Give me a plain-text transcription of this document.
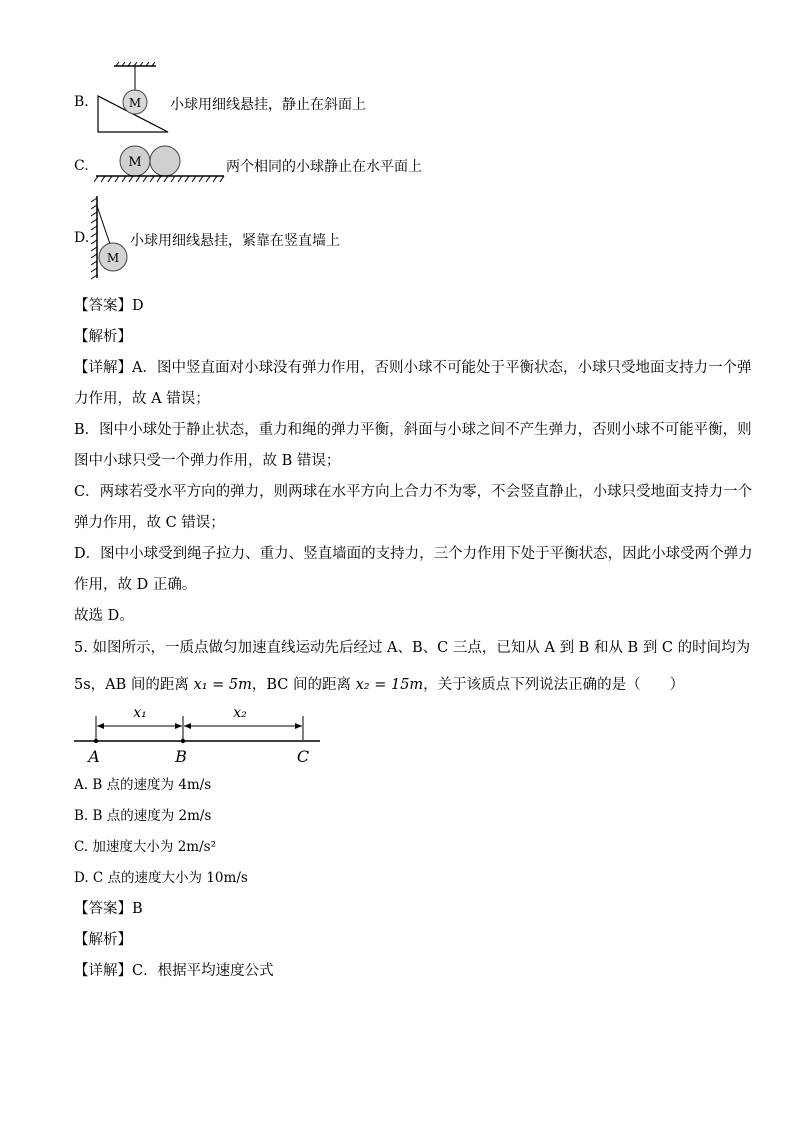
B.	M 小球用细线悬挂，静止在斜面上
C.	M	两个相同的小球静止在水平面上
D.
M
小球用细线悬挂，紧靠在竖直墙上
【答案】D
【解析】
【详解】A．图中竖直面对小球没有弹力作用，否则小球不可能处于平衡状态，小球只受地面支持力一个弹
力作用，故 A 错误；
B．图中小球处于静止状态，重力和绳的弹力平衡，斜面与小球之间不产生弹力，否则小球不可能平衡，则
图中小球只受一个弹力作用，故 B 错误；
C．两球若受水平方向的弹力，则两球在水平方向上合力不为零，不会竖直静止，小球只受地面支持力一个
弹力作用，故 C 错误；
D．图中小球受到绳子拉力、重力、竖直墙面的支持力，三个力作用下处于平衡状态，因此小球受两个弹力
作用，故 D 正确。
故选 D。
5. 如图所示，一质点做匀加速直线运动先后经过 A、B、C 三点，已知从 A 到 B 和从 B 到 C 的时间均为
5s，AB 间的距离 x₁ = 5m，BC 间的距离 x₂ = 15m，关于该质点下列说法正确的是（　　）
x₁	x₂
A	B	C
A. B 点的速度为 4m/s
B. B 点的速度为 2m/s
C. 加速度大小为 2m/s²
D. C 点的速度大小为 10m/s
【答案】B
【解析】
【详解】C．根据平均速度公式
